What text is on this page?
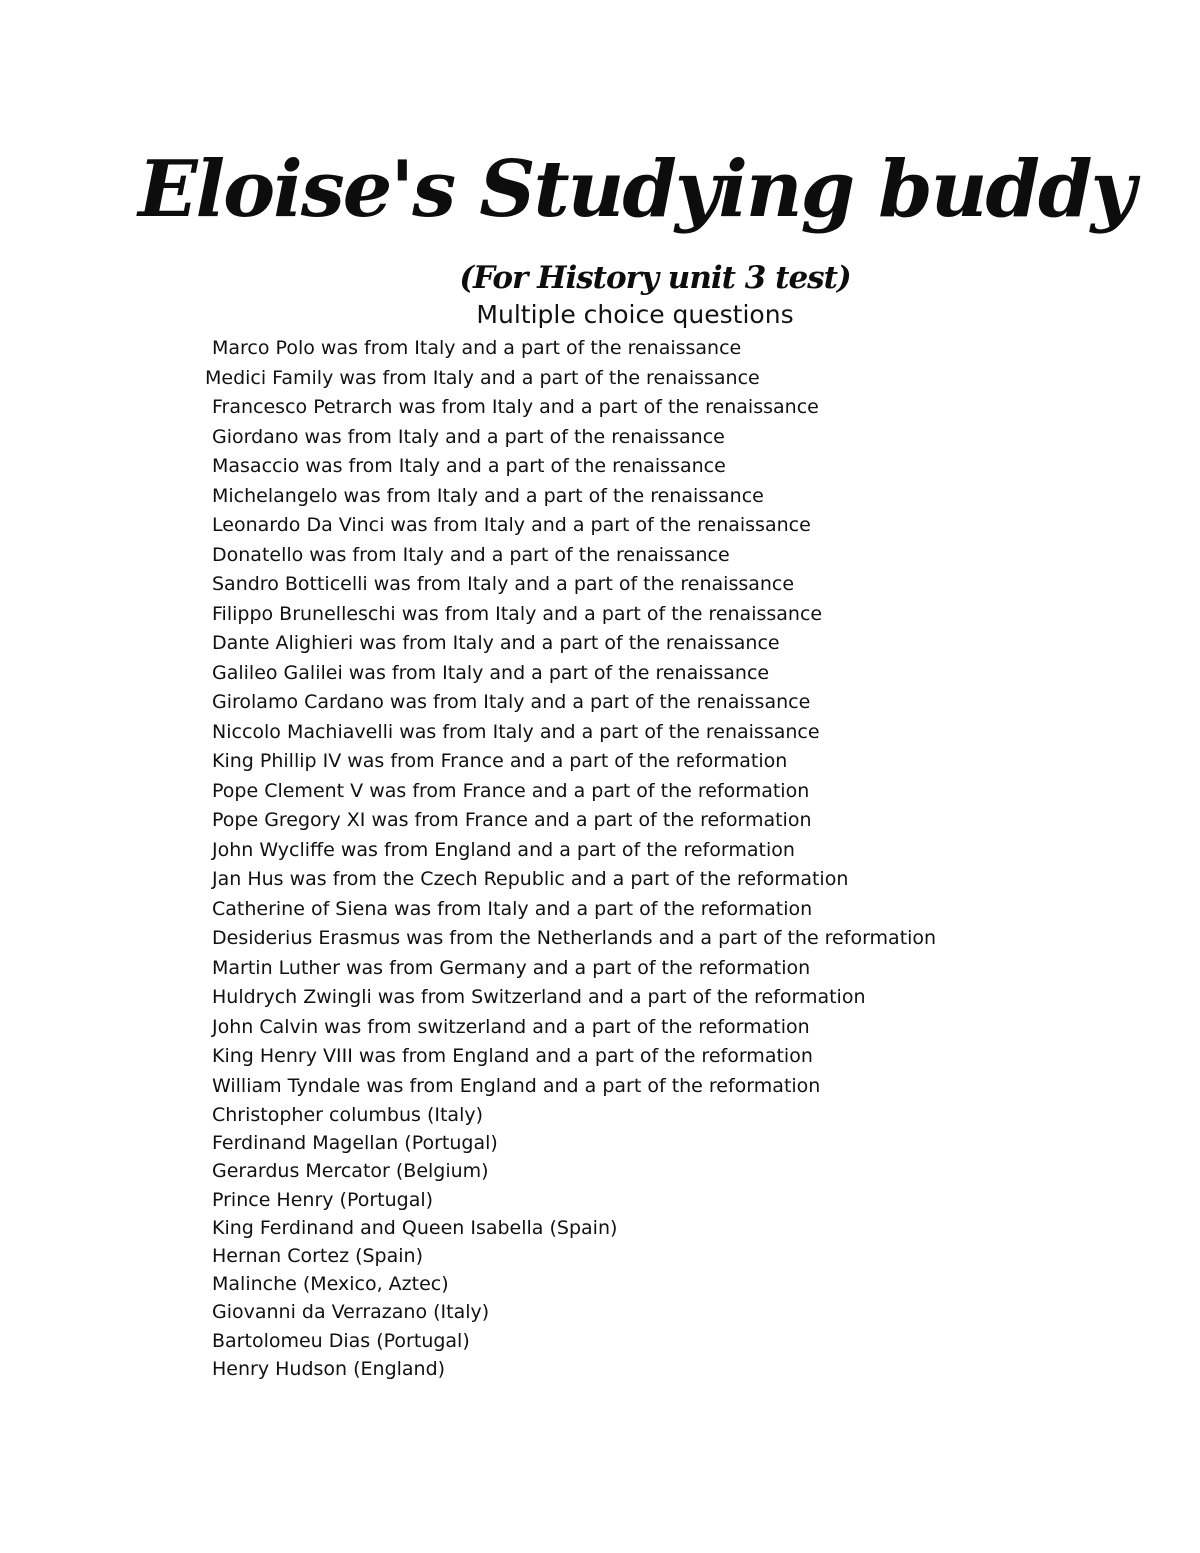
Eloise's Studying buddy
(For History unit 3 test)
Multiple choice questions
Marco Polo was from Italy and a part of the renaissance
Medici Family was from Italy and a part of the renaissance
Francesco Petrarch was from Italy and a part of the renaissance
Giordano was from Italy and a part of the renaissance
Masaccio was from Italy and a part of the renaissance
Michelangelo was from Italy and a part of the renaissance
Leonardo Da Vinci was from Italy and a part of the renaissance
Donatello was from Italy and a part of the renaissance
Sandro Botticelli was from Italy and a part of the renaissance
Filippo Brunelleschi was from Italy and a part of the renaissance
Dante Alighieri was from Italy and a part of the renaissance
Galileo Galilei was from Italy and a part of the renaissance
Girolamo Cardano was from Italy and a part of the renaissance
Niccolo Machiavelli was from Italy and a part of the renaissance
King Phillip IV was from France and a part of the reformation
Pope Clement V was from France and a part of the reformation
Pope Gregory XI was from France and a part of the reformation
John Wycliffe was from England and a part of the reformation
Jan Hus was from the Czech Republic and a part of the reformation
Catherine of Siena was from Italy and a part of the reformation
Desiderius Erasmus was from the Netherlands and a part of the reformation
Martin Luther was from Germany and a part of the reformation
Huldrych Zwingli was from Switzerland and a part of the reformation
John Calvin was from switzerland and a part of the reformation
King Henry VIII was from England and a part of the reformation
William Tyndale was from England and a part of the reformation
Christopher columbus (Italy)
Ferdinand Magellan (Portugal)
Gerardus Mercator (Belgium)
Prince Henry (Portugal)
King Ferdinand and Queen Isabella (Spain)
Hernan Cortez (Spain)
Malinche (Mexico, Aztec)
Giovanni da Verrazano (Italy)
Bartolomeu Dias (Portugal)
Henry Hudson (England)
